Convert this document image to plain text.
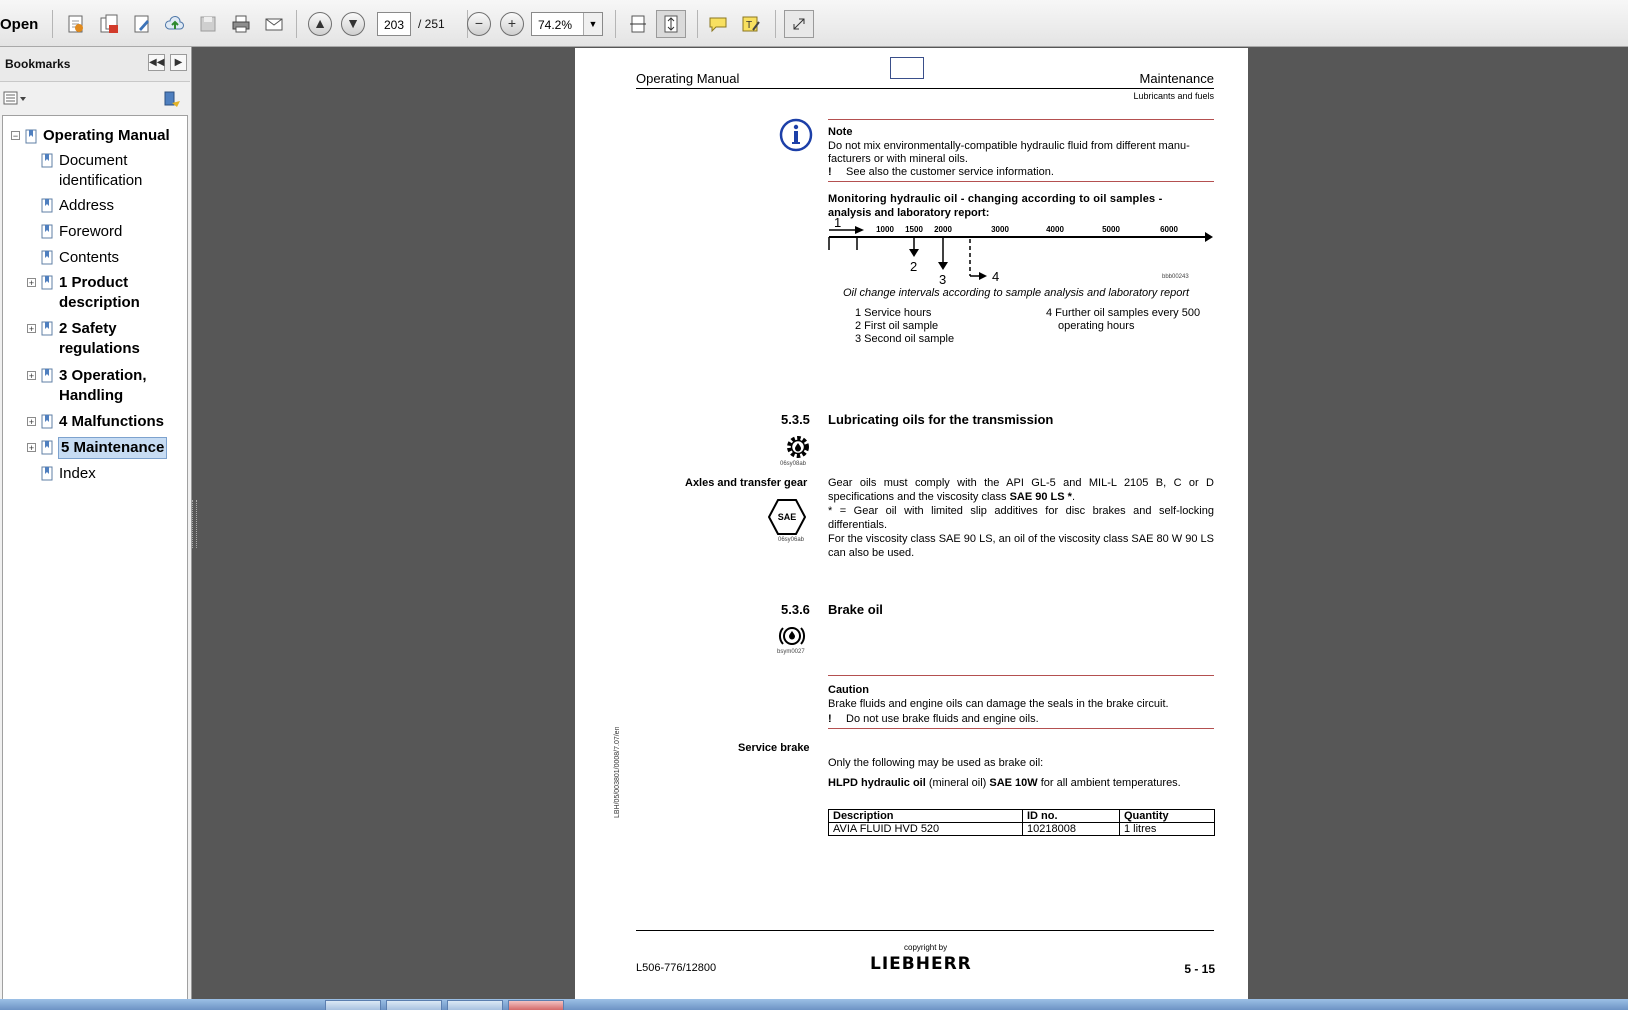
Open	▲	▼	203	/ 251	−	+	74.2%	▼	T
Bookmarks	◀◀	▶
− Operating Manual
Document
identification
Address
Foreword
Contents
+ 1 Product
description
+ 2 Safety
regulations
+ 3 Operation,
Handling
+ 4 Malfunctions
+ 5 Maintenance
Index
Operating Manual	Maintenance
Lubricants and fuels
Note
Do not mix environmentally-compatible hydraulic fluid from different manu-
facturers or with mineral oils.
! See also the customer service information.
Monitoring hydraulic oil - changing according to oil samples -
analysis and laboratory report:
1	1000 1500 2000	3000	4000	5000	6000
2
3	4	bbb00243
Oil change intervals according to sample analysis and laboratory report
1 Service hours
2 First oil sample
3 Second oil sample
4 Further oil samples every 500
operating hours
5.3.5 Lubricating oils for the transmission
06sy08ab
Axles and transfer gear
SAE
06sy06ab
Gear oils must comply with the API GL-5 and MIL-L 2105 B, C or D specifications and the viscosity class SAE 90 LS *.
* = Gear oil with limited slip additives for disc brakes and self-locking differentials.
For the viscosity class SAE 90 LS, an oil of the viscosity class SAE 80 W 90 LS can also be used.
5.3.6 Brake oil
bsym0027
Caution
Brake fluids and engine oils can damage the seals in the brake circuit.
! Do not use brake fluids and engine oils.
Service brake
Only the following may be used as brake oil:
HLPD hydraulic oil (mineral oil) SAE 10W for all ambient temperatures.
Description	ID no.	Quantity
AVIA FLUID HVD 520	10218008	1 litres
LBH/05/003801/0008/7.07/en
copyright by
LIEBHERR
L506-776/12800	5 - 15
